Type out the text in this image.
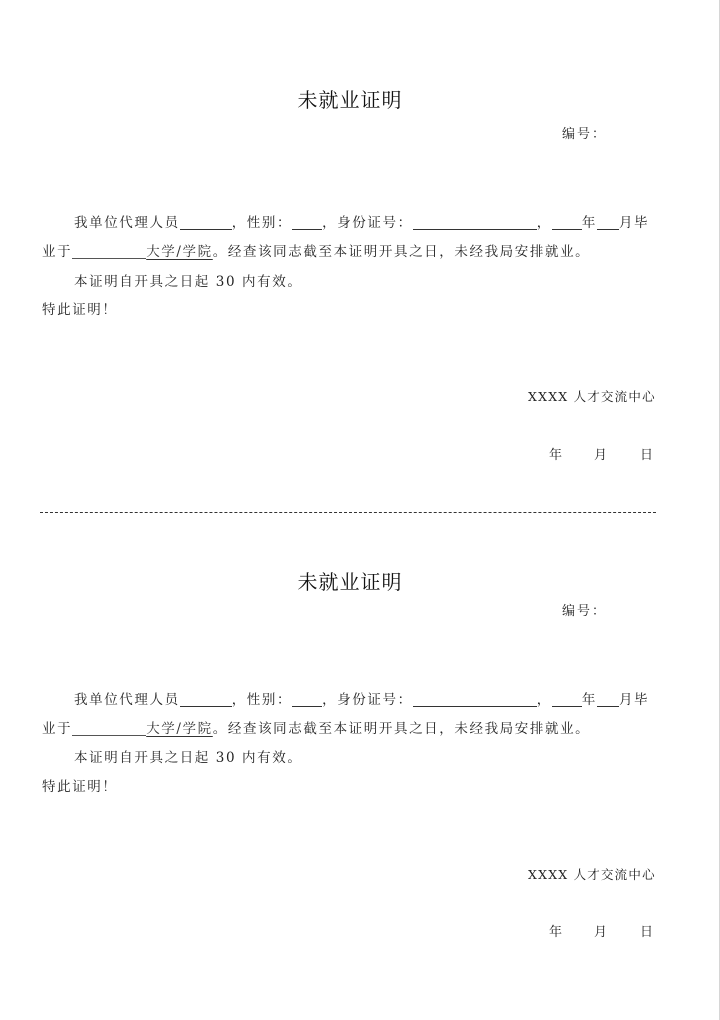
未就业证明
编号：
我单位代理人员	，性别： ，身份证号：	， 年 月毕
业于	大学/学院。经查该同志截至本证明开具之日，未经我局安排就业。
本证明自开具之日起 30 内有效。
特此证明！
XXXX 人才交流中心
年 月	日
未就业证明
编号：
我单位代理人员	，性别： ，身份证号：	， 年 月毕
业于	大学/学院。经查该同志截至本证明开具之日，未经我局安排就业。
本证明自开具之日起 30 内有效。
特此证明！
XXXX 人才交流中心
年 月	日
